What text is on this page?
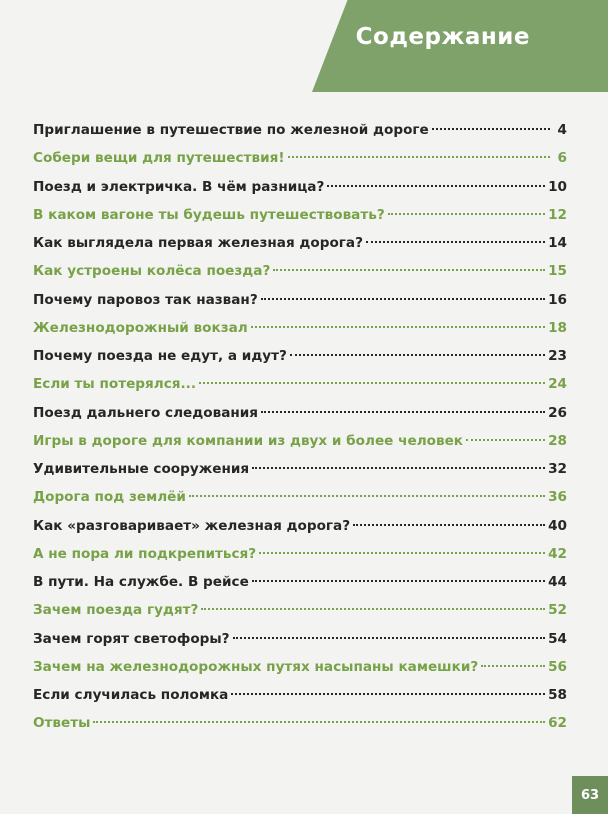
Содержание
Приглашение в путешествие по железной дороге	4
Собери вещи для путешествия!	6
Поезд и электричка. В чём разница?	10
В каком вагоне ты будешь путешествовать?	12
Как выглядела первая железная дорога?	14
Как устроены колёса поезда?	15
Почему паровоз так назван?	16
Железнодорожный вокзал	18
Почему поезда не едут, а идут?	23
Если ты потерялся...	24
Поезд дальнего следования	26
Игры в дороге для компании из двух и более человек	28
Удивительные сооружения	32
Дорога под землёй	36
Как «разговаривает» железная дорога?	40
А не пора ли подкрепиться?	42
В пути. На службе. В рейсе	44
Зачем поезда гудят?	52
Зачем горят светофоры?	54
Зачем на железнодорожных путях насыпаны камешки?	56
Если случилась поломка	58
Ответы	62
63
